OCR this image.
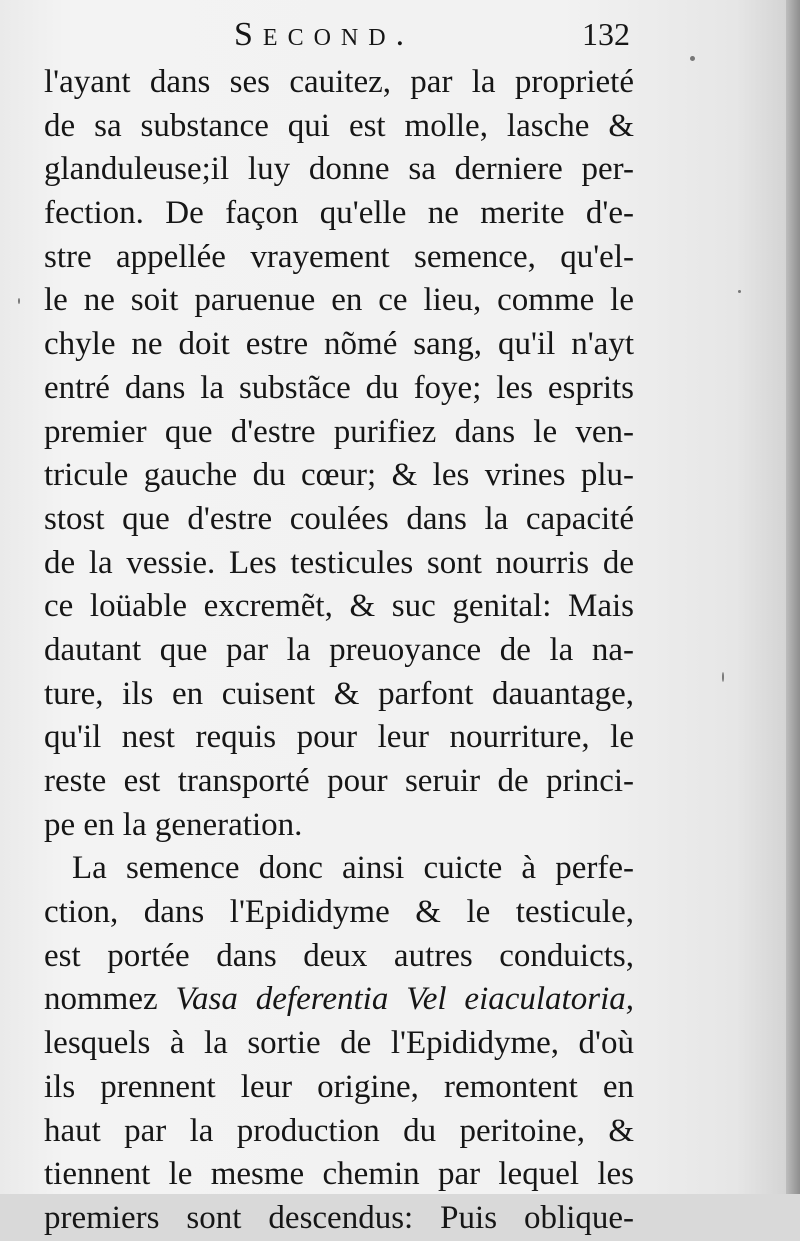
Second.	132
l'ayant dans ses cauitez, par la proprieté
de sa substance qui est molle, lasche &
glanduleuse;il luy donne sa derniere per-
fection. De façon qu'elle ne merite d'e-
stre appellée vrayement semence, qu'el-
le ne soit paruenue en ce lieu, comme le
chyle ne doit estre nõmé sang, qu'il n'ayt
entré dans la substãce du foye; les esprits
premier que d'estre purifiez dans le ven-
tricule gauche du cœur; & les vrines plu-
stost que d'estre coulées dans la capacité
de la vessie. Les testicules sont nourris de
ce loüable excremẽt, & suc genital: Mais
dautant que par la preuoyance de la na-
ture, ils en cuisent & parfont dauantage,
qu'il nest requis pour leur nourriture, le
reste est transporté pour seruir de princi-
pe en la generation.
La semence donc ainsi cuicte à perfe-
ction, dans l'Epididyme & le testicule,
est portée dans deux autres conduicts,
nommez Vasa deferentia Vel eiaculatoria,
lesquels à la sortie de l'Epididyme, d'où
ils prennent leur origine, remontent en
haut par la production du peritoine, &
tiennent le mesme chemin par lequel les
premiers sont descendus: Puis oblique-
